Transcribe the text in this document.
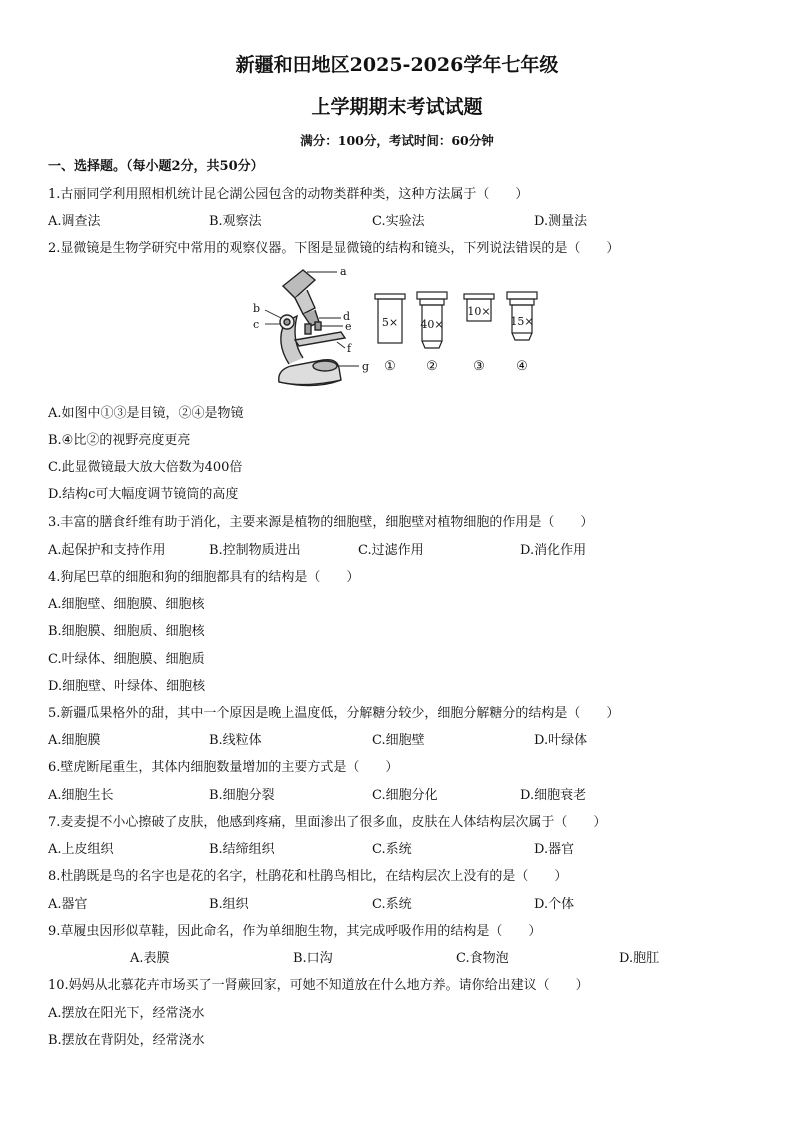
新疆和田地区2025-2026学年七年级
上学期期末考试试题
满分：100分，考试时间：60分钟
一、选择题。（每小题2分，共50分）
1.古丽同学利用照相机统计昆仑湖公园包含的动物类群种类，这种方法属于（　　）
A.调查法	B.观察法	C.实验法	D.测量法
2.显微镜是生物学研究中常用的观察仪器。下图是显微镜的结构和镜头，下列说法错误的是（　　）
a
b
c
d
e
f
g
5× 40×
10×
15×
① ②	③ ④
A.如图中①③是目镜，②④是物镜
B.④比②的视野亮度更亮
C.此显微镜最大放大倍数为400倍
D.结构c可大幅度调节镜筒的高度
3.丰富的膳食纤维有助于消化，主要来源是植物的细胞壁，细胞壁对植物细胞的作用是（　　）
A.起保护和支持作用	B.控制物质进出	C.过滤作用	D.消化作用
4.狗尾巴草的细胞和狗的细胞都具有的结构是（　　）
A.细胞壁、细胞膜、细胞核
B.细胞膜、细胞质、细胞核
C.叶绿体、细胞膜、细胞质
D.细胞壁、叶绿体、细胞核
5.新疆瓜果格外的甜，其中一个原因是晚上温度低，分解糖分较少，细胞分解糖分的结构是（　　）
A.细胞膜	B.线粒体	C.细胞壁	D.叶绿体
6.壁虎断尾重生，其体内细胞数量增加的主要方式是（　　）
A.细胞生长	B.细胞分裂	C.细胞分化	D.细胞衰老
7.麦麦提不小心擦破了皮肤，他感到疼痛，里面渗出了很多血，皮肤在人体结构层次属于（　　）
A.上皮组织	B.结缔组织	C.系统	D.器官
8.杜鹃既是鸟的名字也是花的名字，杜鹃花和杜鹃鸟相比，在结构层次上没有的是（　　）
A.器官	B.组织	C.系统	D.个体
9.草履虫因形似草鞋，因此命名，作为单细胞生物，其完成呼吸作用的结构是（　　）
A.表膜	B.口沟	C.食物泡	D.胞肛
10.妈妈从北慕花卉市场买了一肾蕨回家，可她不知道放在什么地方养。请你给出建议（　　）
A.摆放在阳光下，经常浇水
B.摆放在背阴处，经常浇水
